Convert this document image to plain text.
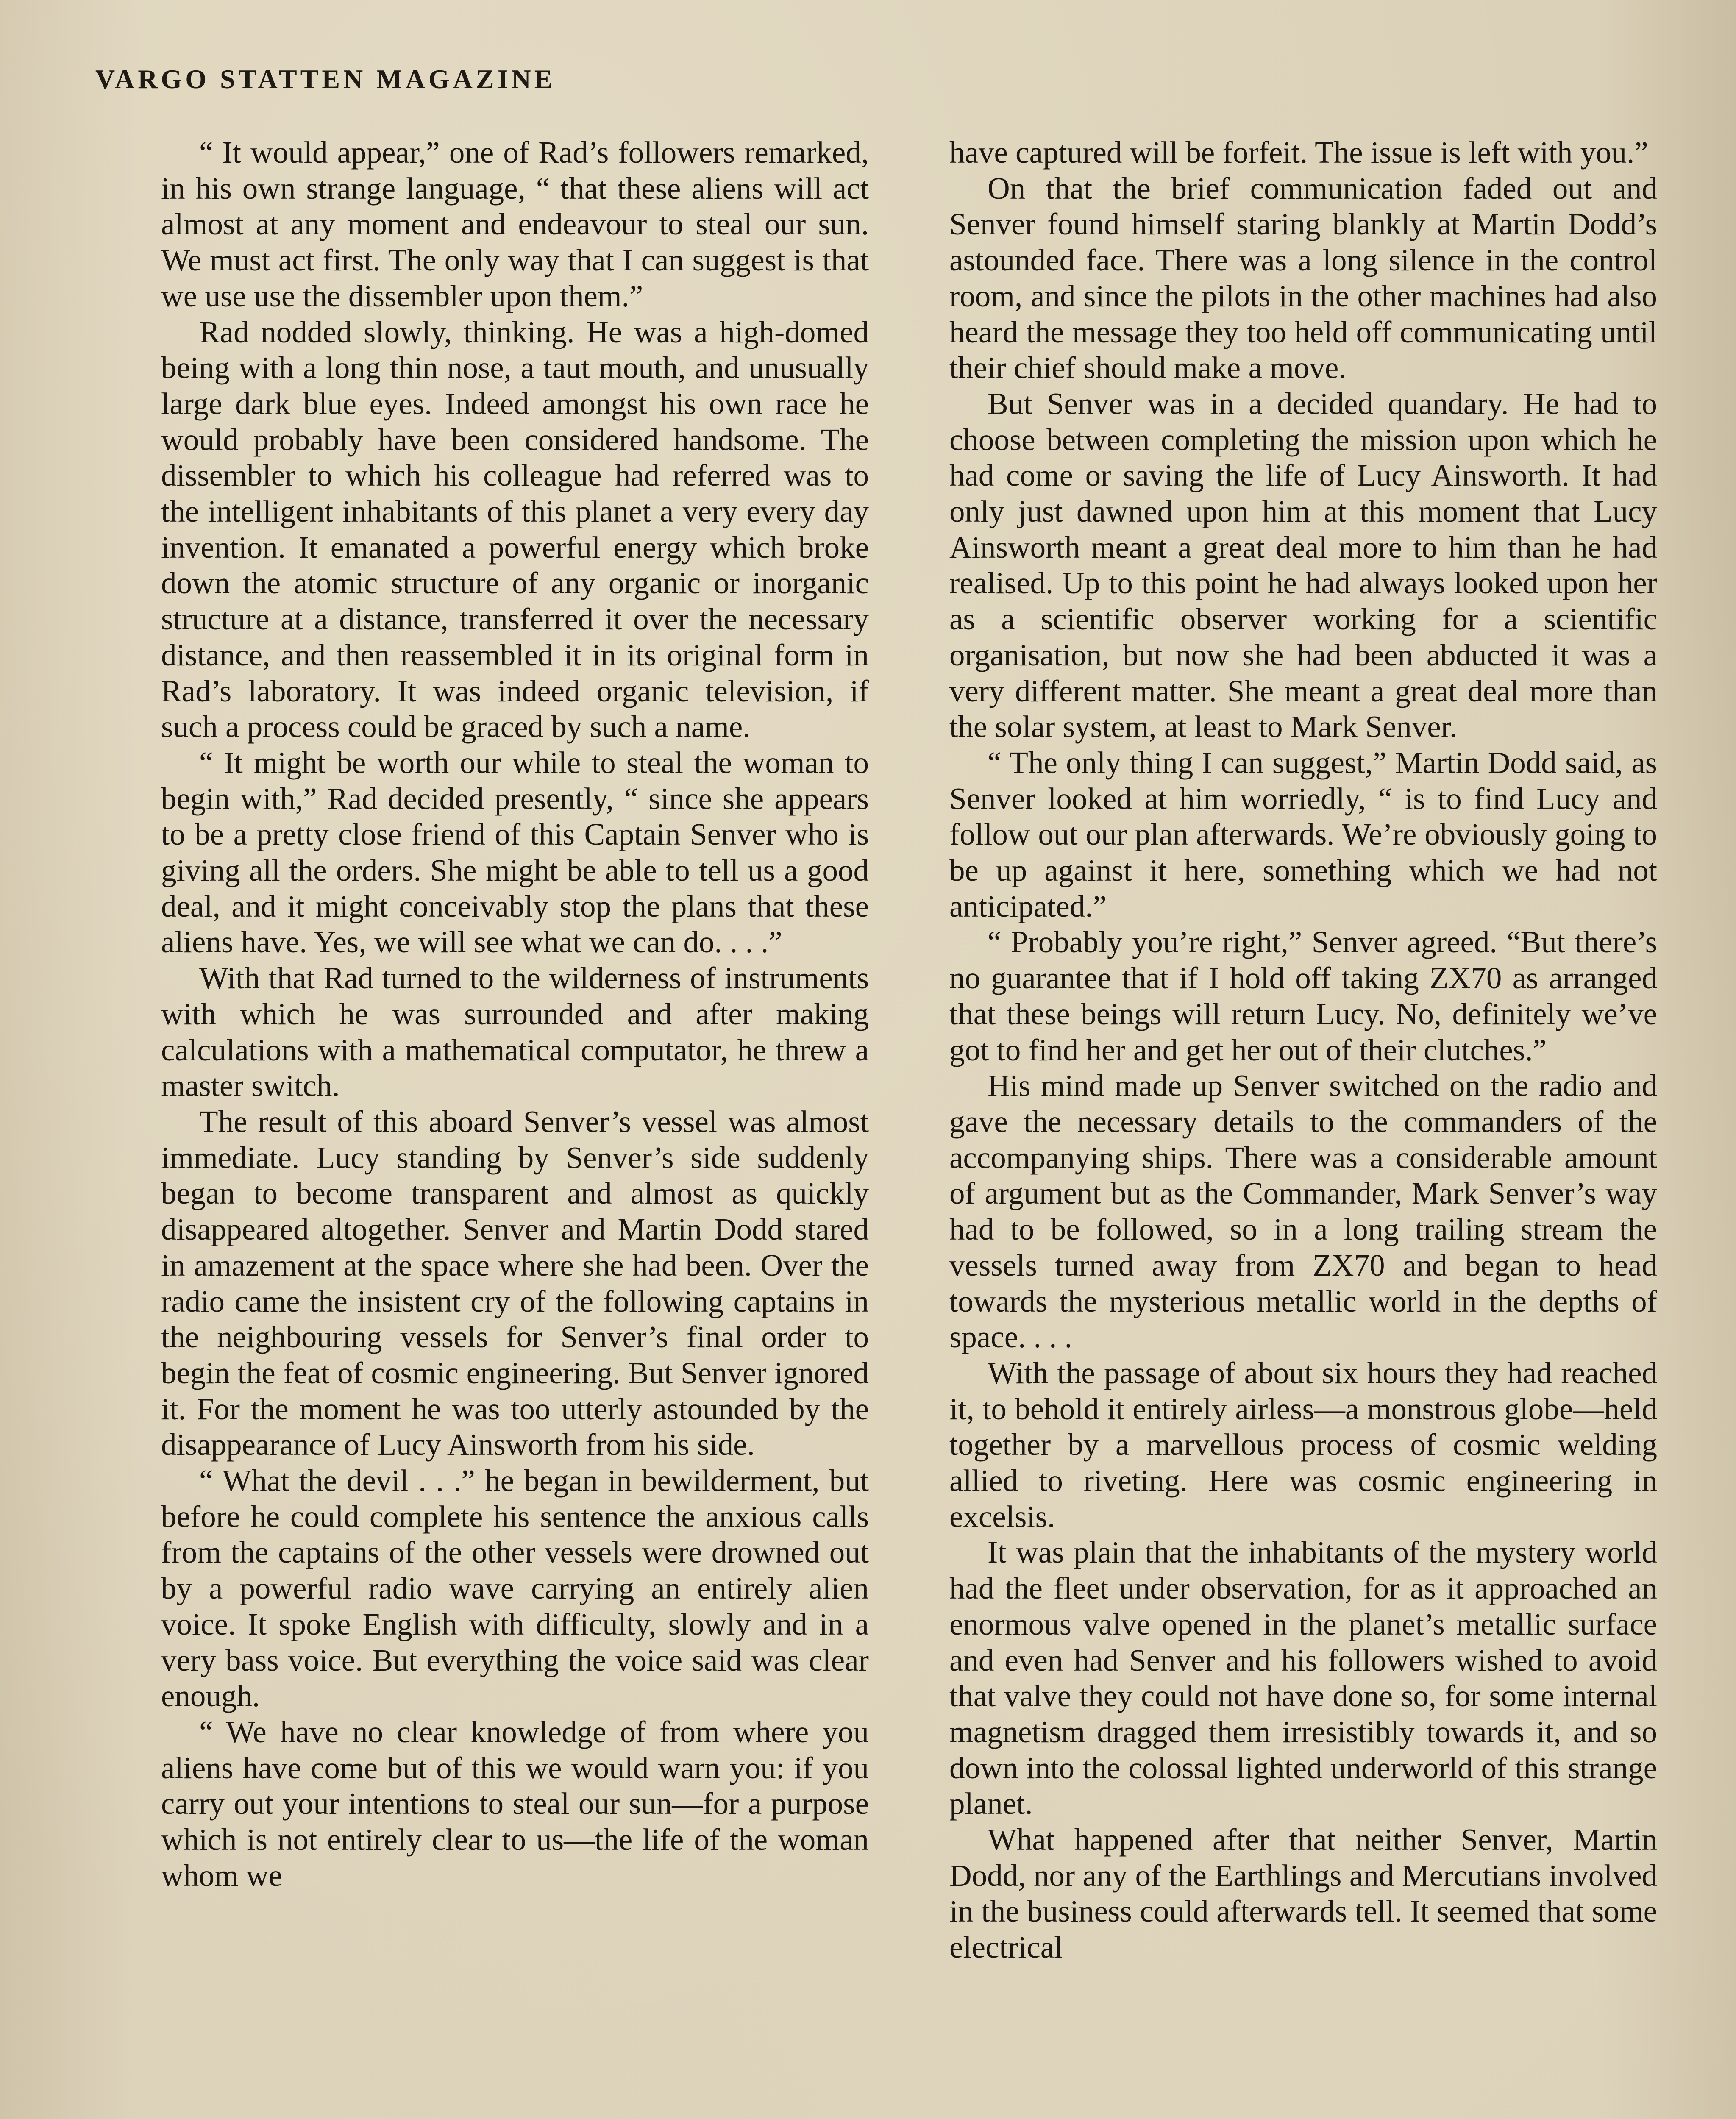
VARGO STATTEN MAGAZINE

“ It would appear,” one of Rad’s followers remarked, in his own strange language, “ that these aliens will act almost at any moment and endeavour to steal our sun. We must act first. The only way that I can suggest is that we use use the dissembler upon them.”

Rad nodded slowly, thinking. He was a high-domed being with a long thin nose, a taut mouth, and unusually large dark blue eyes. Indeed amongst his own race he would probably have been considered handsome. The dissembler to which his colleague had referred was to the intelligent inhabitants of this planet a very every day invention. It emanated a powerful energy which broke down the atomic structure of any organic or inorganic structure at a distance, transferred it over the necessary distance, and then reassembled it in its original form in Rad’s laboratory. It was indeed organic television, if such a process could be graced by such a name.

“ It might be worth our while to steal the woman to begin with,” Rad decided presently, “ since she appears to be a pretty close friend of this Captain Senver who is giving all the orders. She might be able to tell us a good deal, and it might conceivably stop the plans that these aliens have. Yes, we will see what we can do. . . .”

With that Rad turned to the wilderness of instruments with which he was surrounded and after making calculations with a mathematical computator, he threw a master switch.

The result of this aboard Senver’s vessel was almost immediate. Lucy standing by Senver’s side suddenly began to become transparent and almost as quickly disappeared altogether. Senver and Martin Dodd stared in amazement at the space where she had been. Over the radio came the insistent cry of the following captains in the neighbouring vessels for Senver’s final order to begin the feat of cosmic engineering. But Senver ignored it. For the moment he was too utterly astounded by the disappearance of Lucy Ainsworth from his side.

“ What the devil . . .” he began in bewilderment, but before he could complete his sentence the anxious calls from the captains of the other vessels were drowned out by a powerful radio wave carrying an entirely alien voice. It spoke English with difficulty, slowly and in a very bass voice. But everything the voice said was clear enough.

“ We have no clear knowledge of from where you aliens have come but of this we would warn you: if you carry out your intentions to steal our sun—for a purpose which is not entirely clear to us—the life of the woman whom we

have captured will be forfeit. The issue is left with you.”

On that the brief communication faded out and Senver found himself staring blankly at Martin Dodd’s astounded face. There was a long silence in the control room, and since the pilots in the other machines had also heard the message they too held off communicating until their chief should make a move.

But Senver was in a decided quandary. He had to choose between completing the mission upon which he had come or saving the life of Lucy Ainsworth. It had only just dawned upon him at this moment that Lucy Ainsworth meant a great deal more to him than he had realised. Up to this point he had always looked upon her as a scientific observer working for a scientific organisation, but now she had been abducted it was a very different matter. She meant a great deal more than the solar system, at least to Mark Senver.

“ The only thing I can suggest,” Martin Dodd said, as Senver looked at him worriedly, “ is to find Lucy and follow out our plan afterwards. We’re obviously going to be up against it here, something which we had not anticipated.”

“ Probably you’re right,” Senver agreed. “But there’s no guarantee that if I hold off taking ZX70 as arranged that these beings will return Lucy. No, definitely we’ve got to find her and get her out of their clutches.”

His mind made up Senver switched on the radio and gave the necessary details to the commanders of the accompanying ships. There was a considerable amount of argument but as the Commander, Mark Senver’s way had to be followed, so in a long trailing stream the vessels turned away from ZX70 and began to head towards the mysterious metallic world in the depths of space. . . .

With the passage of about six hours they had reached it, to behold it entirely airless—a monstrous globe—held together by a marvellous process of cosmic welding allied to riveting. Here was cosmic engineering in excelsis.

It was plain that the inhabitants of the mystery world had the fleet under observation, for as it approached an enormous valve opened in the planet’s metallic surface and even had Senver and his followers wished to avoid that valve they could not have done so, for some internal magnetism dragged them irresistibly towards it, and so down into the colossal lighted underworld of this strange planet.

What happened after that neither Senver, Martin Dodd, nor any of the Earthlings and Mercutians involved in the business could afterwards tell. It seemed that some electrical
